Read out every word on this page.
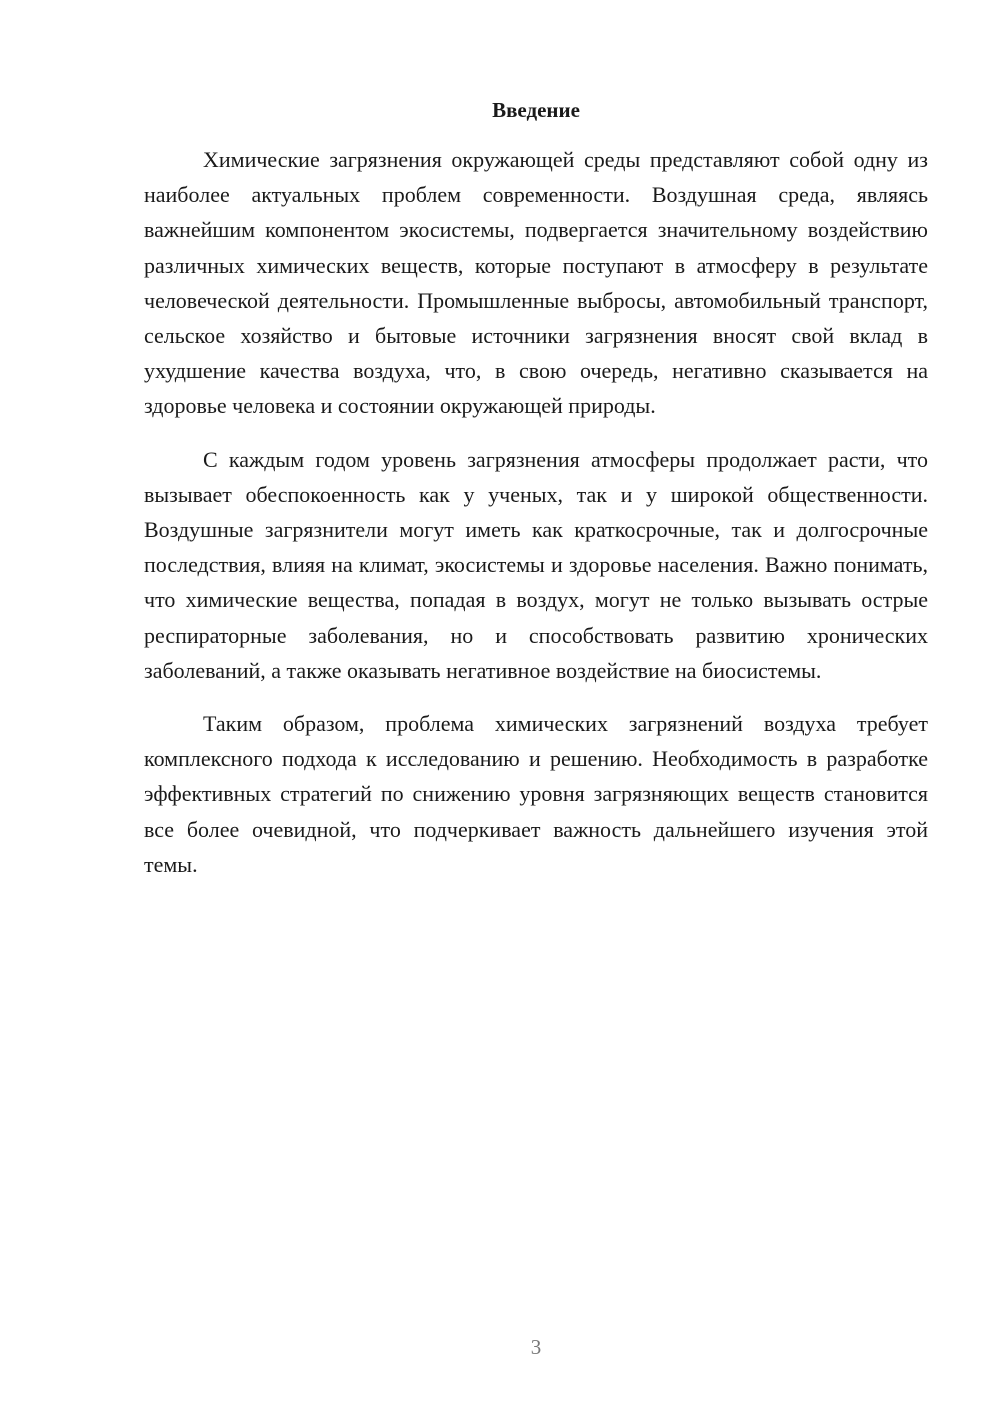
Введение

Химические загрязнения окружающей среды представляют собой одну из наиболее актуальных проблем современности. Воздушная среда, являясь важнейшим компонентом экосистемы, подвергается значительному воздействию различных химических веществ, которые поступают в атмосферу в результате человеческой деятельности. Промышленные выбросы, автомобильный транспорт, сельское хозяйство и бытовые источники загрязнения вносят свой вклад в ухудшение качества воздуха, что, в свою очередь, негативно сказывается на здоровье человека и состоянии окружающей природы.

С каждым годом уровень загрязнения атмосферы продолжает расти, что вызывает обеспокоенность как у ученых, так и у широкой общественности. Воздушные загрязнители могут иметь как краткосрочные, так и долгосрочные последствия, влияя на климат, экосистемы и здоровье населения. Важно понимать, что химические вещества, попадая в воздух, могут не только вызывать острые респираторные заболевания, но и способствовать развитию хронических заболеваний, а также оказывать негативное воздействие на биосистемы.

Таким образом, проблема химических загрязнений воздуха требует комплексного подхода к исследованию и решению. Необходимость в разработке эффективных стратегий по снижению уровня загрязняющих веществ становится все более очевидной, что подчеркивает важность дальнейшего изучения этой темы.

3
